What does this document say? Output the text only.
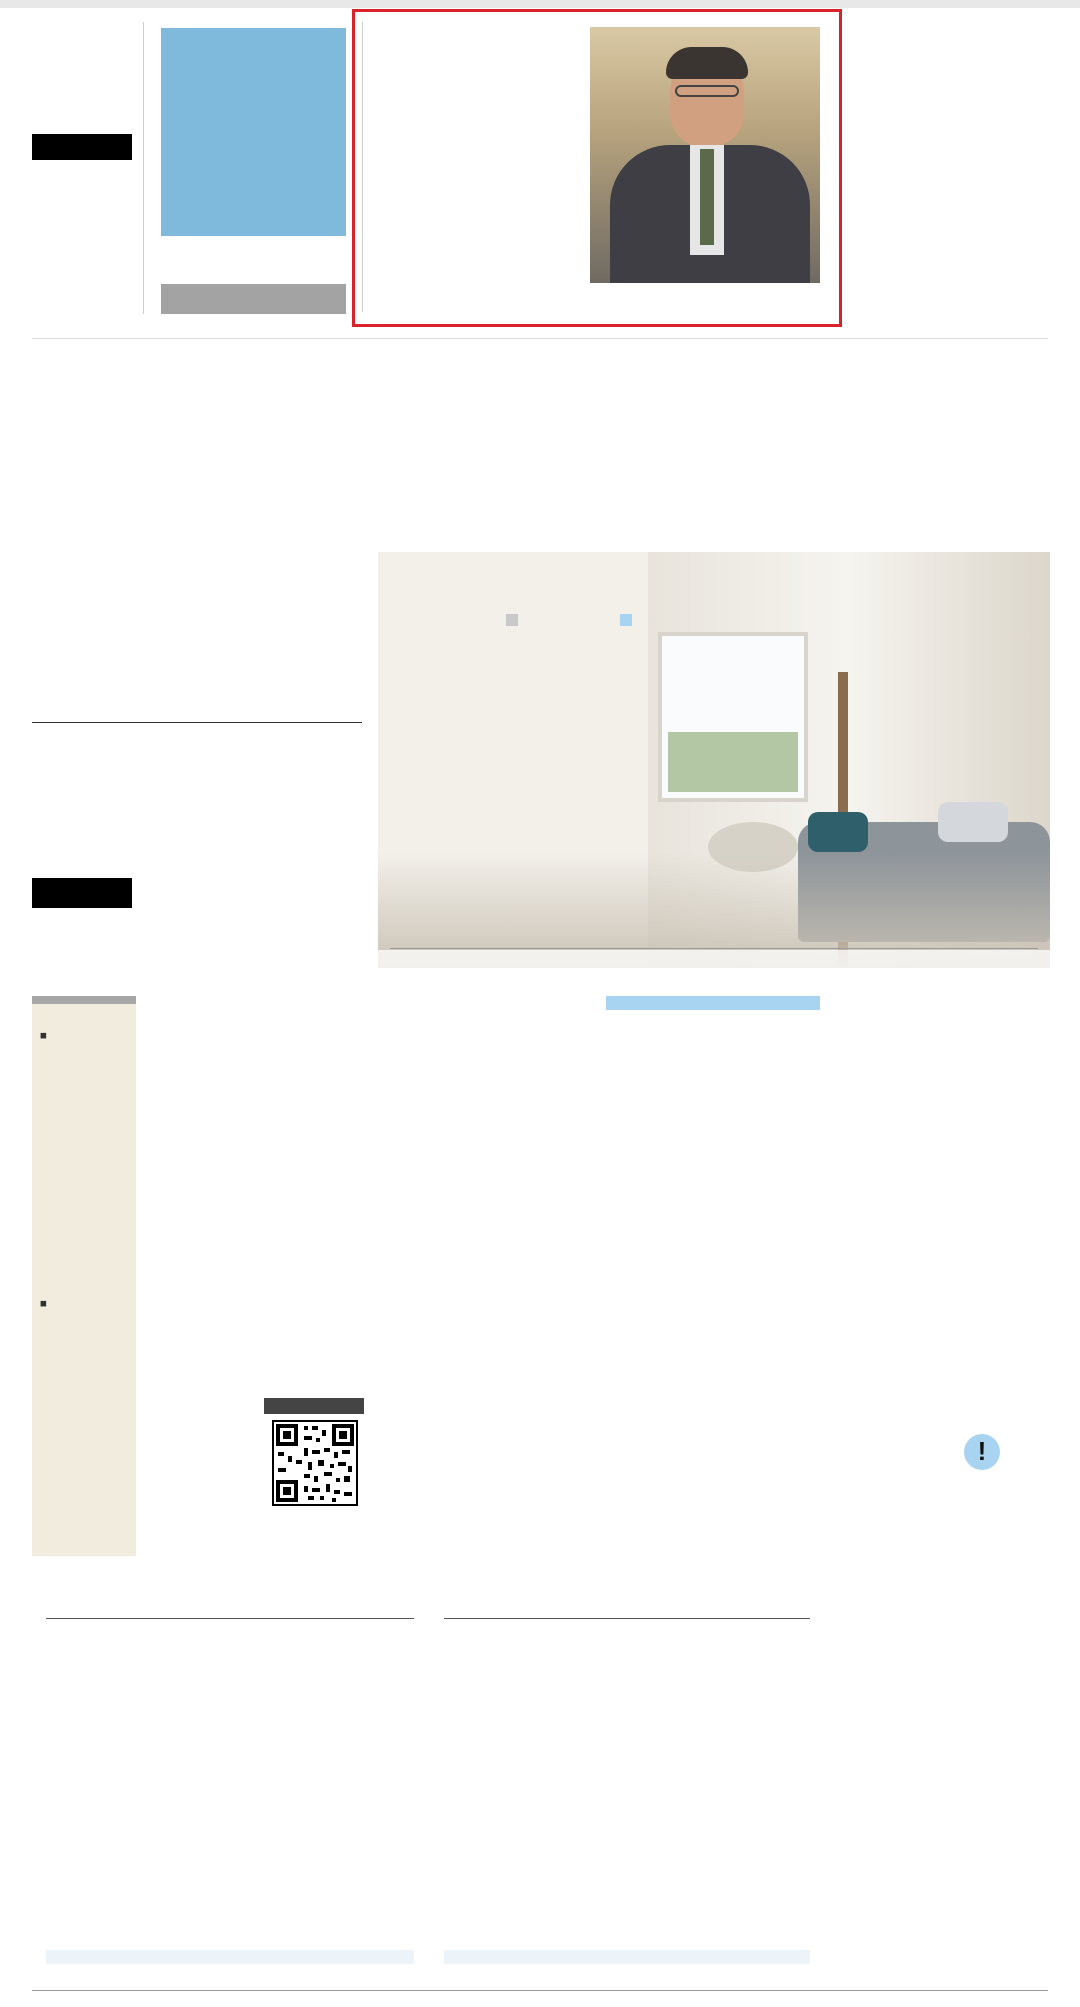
■
■

!
